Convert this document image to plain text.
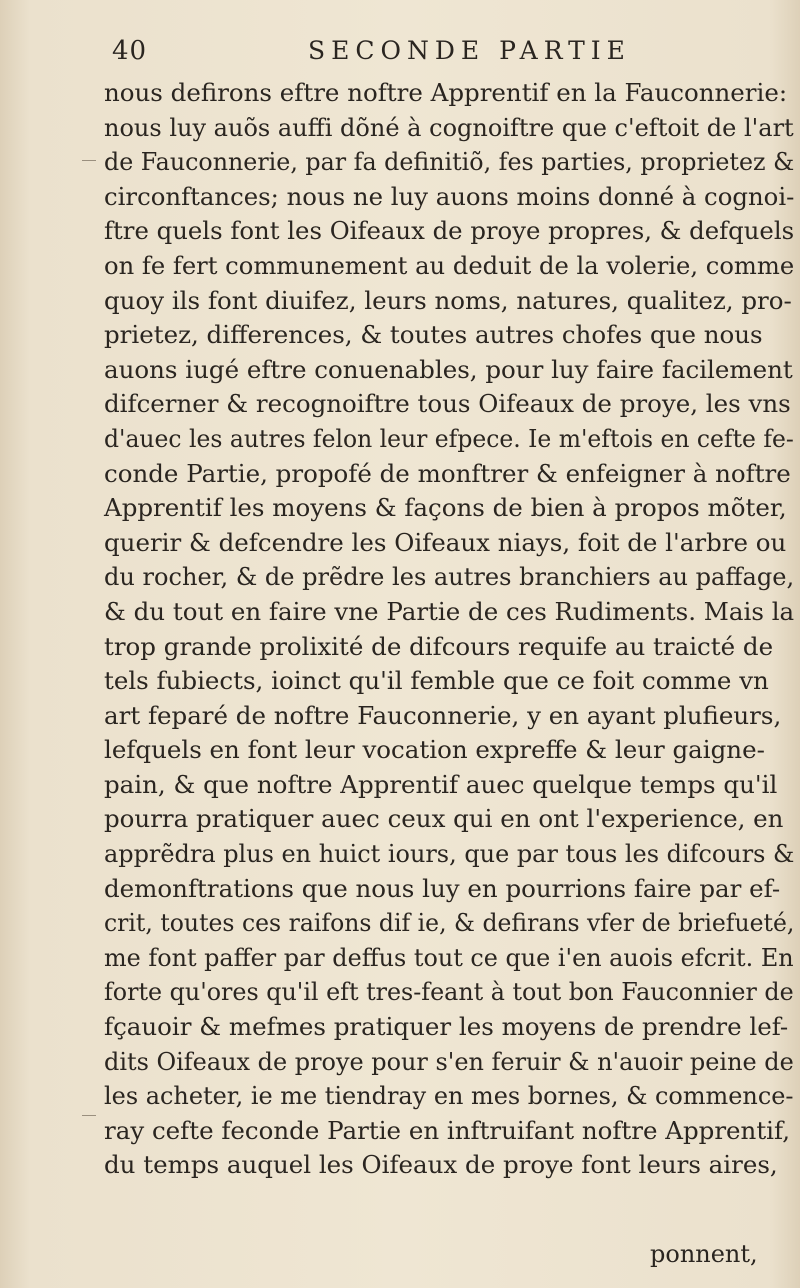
40	SECONDE PARTIE
nous defirons eftre noftre Apprentif en la Fauconnerie:
nous luy auõs auffi dõné à cognoiftre que c'eftoit de l'art
de Fauconnerie, par fa definitiõ, fes parties, proprietez &
circonftances; nous ne luy auons moins donné à cognoi-
ftre quels font les Oifeaux de proye propres, & defquels
on fe fert communement au deduit de la volerie, comme
quoy ils font diuifez, leurs noms, natures, qualitez, pro-
prietez, differences, & toutes autres chofes que nous
auons iugé eftre conuenables, pour luy faire facilement
difcerner & recognoiftre tous Oifeaux de proye, les vns
d'auec les autres felon leur efpece. Ie m'eftois en cefte fe-
conde Partie, propofé de monftrer & enfeigner à noftre
Apprentif les moyens & façons de bien à propos mõter,
querir & defcendre les Oifeaux niays, foit de l'arbre ou
du rocher, & de prẽdre les autres branchiers au paffage,
& du tout en faire vne Partie de ces Rudiments. Mais la
trop grande prolixité de difcours requife au traicté de
tels fubiects, ioinct qu'il femble que ce foit comme vn
art feparé de noftre Fauconnerie, y en ayant plufieurs,
lefquels en font leur vocation expreffe & leur gaigne-
pain, & que noftre Apprentif auec quelque temps qu'il
pourra pratiquer auec ceux qui en ont l'experience, en
apprẽdra plus en huict iours, que par tous les difcours &
demonftrations que nous luy en pourrions faire par ef-
crit, toutes ces raifons dif ie, & defirans vfer de briefueté,
me font paffer par deffus tout ce que i'en auois efcrit. En
forte qu'ores qu'il eft tres-feant à tout bon Fauconnier de
fçauoir & mefmes pratiquer les moyens de prendre lef-
dits Oifeaux de proye pour s'en feruir & n'auoir peine de
les acheter, ie me tiendray en mes bornes, & commence-
ray cefte feconde Partie en inftruifant noftre Apprentif,
du temps auquel les Oifeaux de proye font leurs aires,
ponnent,
